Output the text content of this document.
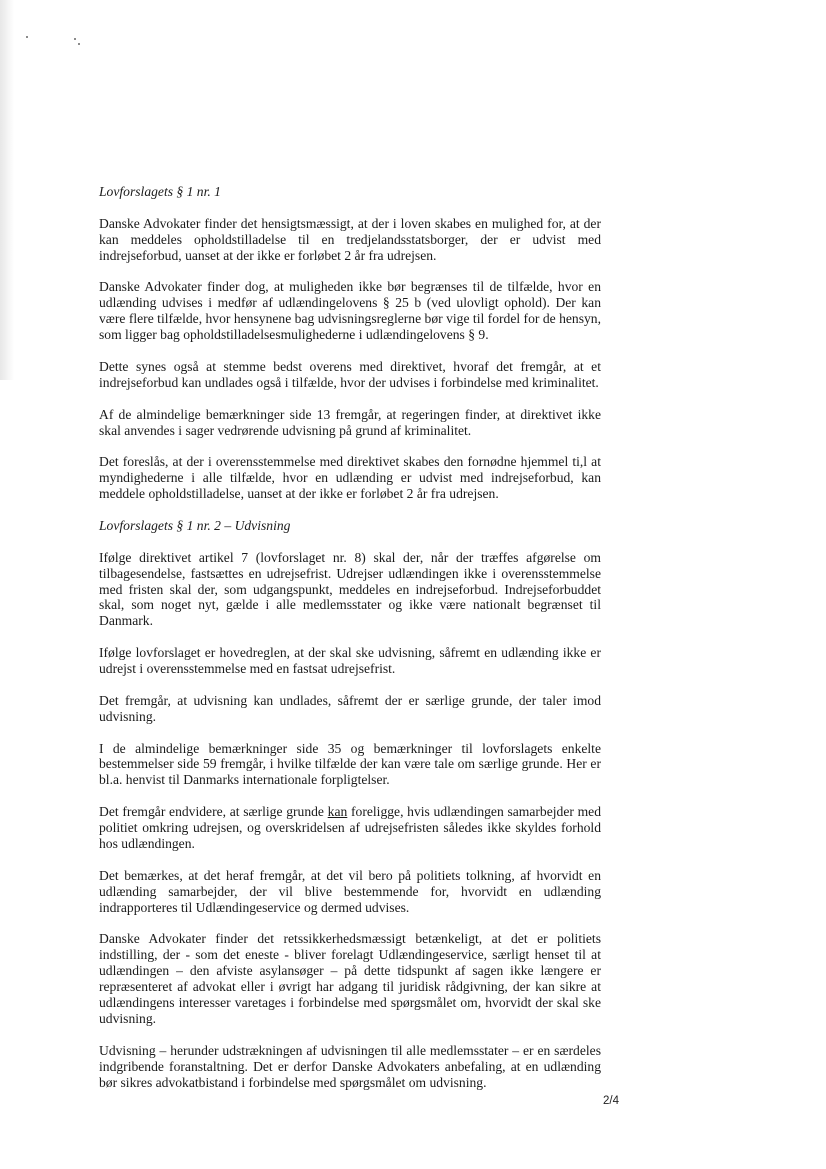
Lovforslagets § 1 nr. 1

Danske Advokater finder det hensigtsmæssigt, at der i loven skabes en mulighed for, at der kan meddeles opholdstilladelse til en tredjelandsstatsborger, der er udvist med indrejseforbud, uanset at der ikke er forløbet 2 år fra udrejsen.

Danske Advokater finder dog, at muligheden ikke bør begrænses til de tilfælde, hvor en udlænding udvises i medfør af udlændingelovens § 25 b (ved ulovligt ophold). Der kan være flere tilfælde, hvor hensynene bag udvisningsreglerne bør vige til fordel for de hensyn, som ligger bag opholdstilladelsesmulighederne i udlændingelovens § 9.

Dette synes også at stemme bedst overens med direktivet, hvoraf det fremgår, at et indrejseforbud kan undlades også i tilfælde, hvor der udvises i forbindelse med kriminalitet.

Af de almindelige bemærkninger side 13 fremgår, at regeringen finder, at direktivet ikke skal anvendes i sager vedrørende udvisning på grund af kriminalitet.

Det foreslås, at der i overensstemmelse med direktivet skabes den fornødne hjemmel ti,l at myndighederne i alle tilfælde, hvor en udlænding er udvist med indrejseforbud, kan meddele opholdstilladelse, uanset at der ikke er forløbet 2 år fra udrejsen.

Lovforslagets § 1 nr. 2 – Udvisning

Ifølge direktivet artikel 7 (lovforslaget nr. 8) skal der, når der træffes afgørelse om tilbagesendelse, fastsættes en udrejsefrist. Udrejser udlændingen ikke i overensstemmelse med fristen skal der, som udgangspunkt, meddeles en indrejseforbud. Indrejseforbuddet skal, som noget nyt, gælde i alle medlemsstater og ikke være nationalt begrænset til Danmark.

Ifølge lovforslaget er hovedreglen, at der skal ske udvisning, såfremt en udlænding ikke er udrejst i overensstemmelse med en fastsat udrejsefrist.

Det fremgår, at udvisning kan undlades, såfremt der er særlige grunde, der taler imod udvisning.

I de almindelige bemærkninger side 35 og bemærkninger til lovforslagets enkelte bestemmelser side 59 fremgår, i hvilke tilfælde der kan være tale om særlige grunde. Her er bl.a. henvist til Danmarks internationale forpligtelser.

Det fremgår endvidere, at særlige grunde kan foreligge, hvis udlændingen samarbejder med politiet omkring udrejsen, og overskridelsen af udrejsefristen således ikke skyldes forhold hos udlændingen.

Det bemærkes, at det heraf fremgår, at det vil bero på politiets tolkning, af hvorvidt en udlænding samarbejder, der vil blive bestemmende for, hvorvidt en udlænding indrapporteres til Udlændingeservice og dermed udvises.

Danske Advokater finder det retssikkerhedsmæssigt betænkeligt, at det er politiets indstilling, der - som det eneste - bliver forelagt Udlændingeservice, særligt henset til at udlændingen – den afviste asylansøger – på dette tidspunkt af sagen ikke længere er repræsenteret af advokat eller i øvrigt har adgang til juridisk rådgivning, der kan sikre at udlændingens interesser varetages i forbindelse med spørgsmålet om, hvorvidt der skal ske udvisning.

Udvisning – herunder udstrækningen af udvisningen til alle medlemsstater – er en særdeles indgribende foranstaltning. Det er derfor Danske Advokaters anbefaling, at en udlænding bør sikres advokatbistand i forbindelse med spørgsmålet om udvisning.

2/4
